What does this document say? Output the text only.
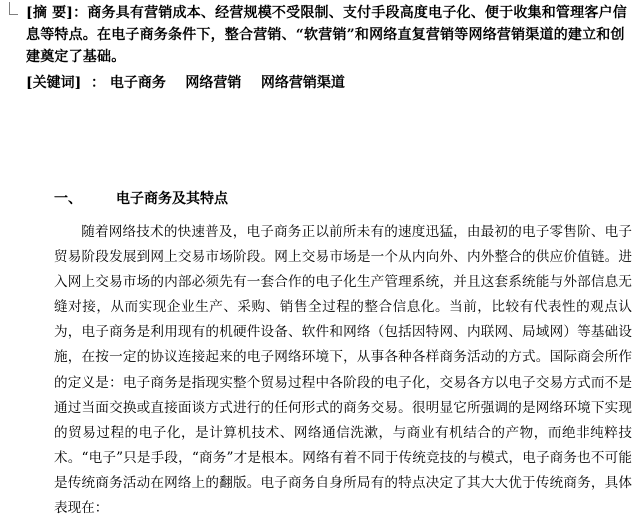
[摘 要]：商务具有营销成本、经营规模不受限制、支付手段高度电子化、便于收集和管理客户信息等特点。在电子商务条件下，整合营销、“软营销”和网络直复营销等网络营销渠道的建立和创建奠定了基础。

[关键词]  ： 电子商务    网络营销    网络营销渠道

一、 电子商务及其特点

随着网络技术的快速普及，电子商务正以前所未有的速度迅猛，由最初的电子零售阶、电子贸易阶段发展到网上交易市场阶段。网上交易市场是一个从内向外、内外整合的供应价值链。进入网上交易市场的内部必须先有一套合作的电子化生产管理系统，并且这套系统能与外部信息无缝对接，从而实现企业生产、采购、销售全过程的整合信息化。当前，比较有代表性的观点认为，电子商务是利用现有的机硬件设备、软件和网络（包括因特网、内联网、局域网）等基础设施，在按一定的协议连接起来的电子网络环境下，从事各种各样商务活动的方式。国际商会所作的定义是：电子商务是指现实整个贸易过程中各阶段的电子化，交易各方以电子交易方式而不是通过当面交换或直接面谈方式进行的任何形式的商务交易。很明显它所强调的是网络环境下实现的贸易过程的电子化，是计算机技术、网络通信洗漱，与商业有机结合的产物，而绝非纯粹技术。“电子”只是手段，“商务”才是根本。网络有着不同于传统竞技的与模式，电子商务也不可能是传统商务活动在网络上的翻版。电子商务自身所局有的特点决定了其大大优于传统商务，具体表现在：
